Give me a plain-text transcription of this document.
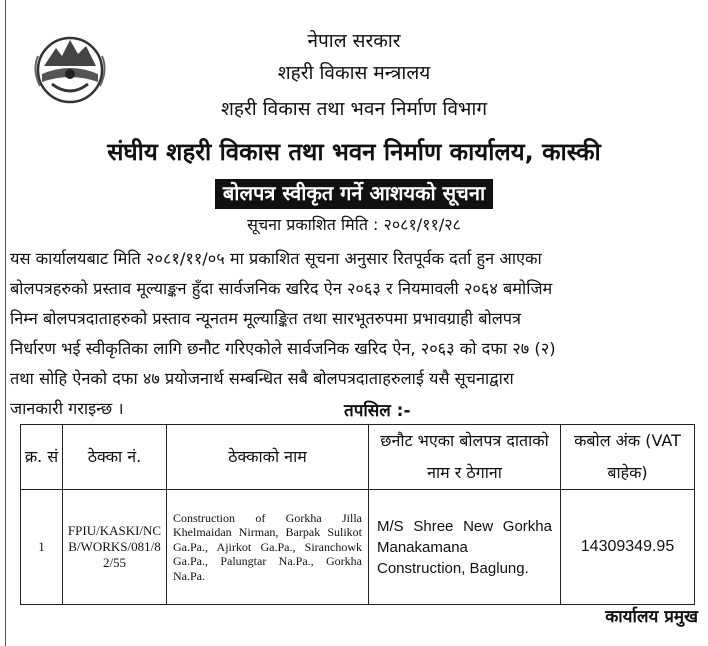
नेपाल सरकार
शहरी विकास मन्त्रालय
शहरी विकास तथा भवन निर्माण विभाग
संघीय शहरी विकास तथा भवन निर्माण कार्यालय, कास्की
बोलपत्र स्वीकृत गर्ने आशयको सूचना
सूचना प्रकाशित मिति : २०८१/११/२८
यस कार्यालयबाट मिति २०८१/११/०५ मा प्रकाशित सूचना अनुसार रितपूर्वक दर्ता हुन आएका
बोलपत्रहरुको प्रस्ताव मूल्याङ्कन हुँदा सार्वजनिक खरिद ऐन २०६३ र नियमावली २०६४ बमोजिम
निम्न बोलपत्रदाताहरुको प्रस्ताव न्यूनतम मूल्याङ्कित तथा सारभूतरुपमा प्रभावग्राही बोलपत्र
निर्धारण भई स्वीकृतिका लागि छनौट गरिएकोले सार्वजनिक खरिद ऐन, २०६३ को दफा २७ (२)
तथा सोहि ऐनको दफा ४७ प्रयोजनार्थ सम्बन्धित सबै बोलपत्रदाताहरुलाई यसै सूचनाद्वारा
जानकारी गराइन्छ ।	तपसिल :-
क्र. सं	ठेक्का नं.	ठेक्काको नाम	छनौट भएका बोलपत्र दाताको नाम र ठेगाना	कबोल अंक (VAT बाहेक)
1	FPIU/KASKI/NCB/WORKS/081/82/55	Construction of Gorkha Jilla Khelmaidan Nirman, Barpak Sulikot Ga.Pa., Ajirkot Ga.Pa., Siranchowk Ga.Pa., Palungtar Na.Pa., Gorkha Na.Pa.	M/S Shree New Gorkha Manakamana Construction, Baglung.	14309349.95
कार्यालय प्रमुख
